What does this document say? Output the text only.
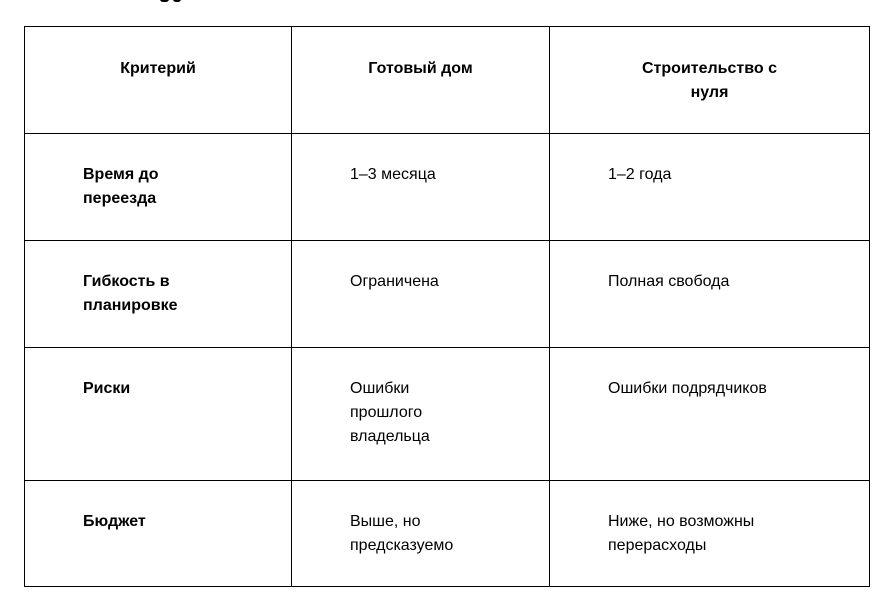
Критерий	Готовый дом	Строительство с нуля

Время до переезда	1–3 месяца	1–2 года

Гибкость в планировке	Ограничена	Полная свобода

Риски	Ошибки прошлого владельца	Ошибки подрядчиков

Бюджет	Выше, но предсказуемо	Ниже, но возможны перерасходы
